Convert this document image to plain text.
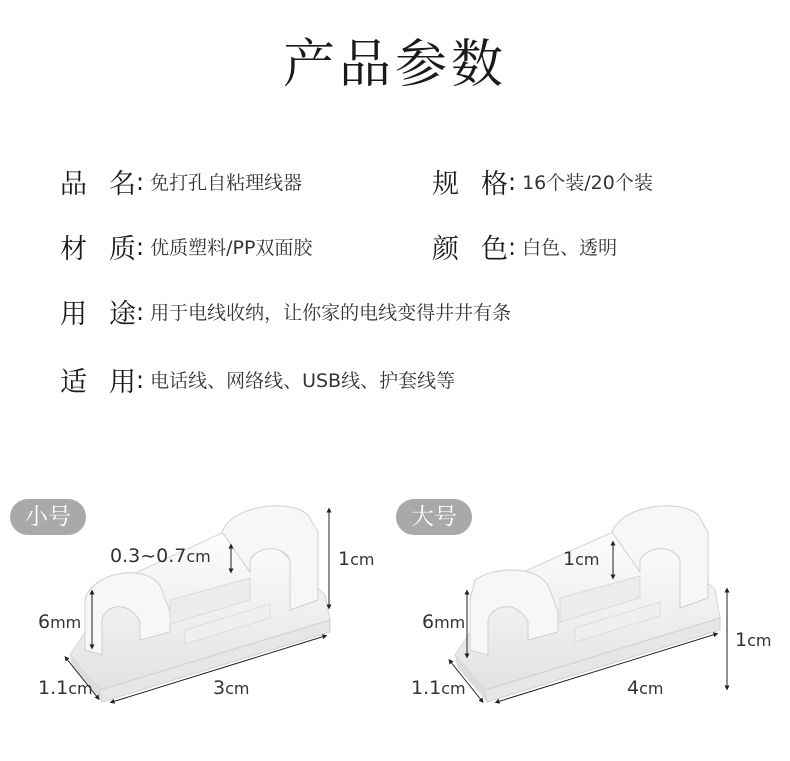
产品参数
品 名: 免打孔自粘理线器	规 格: 16个装/20个装
材 质: 优质塑料/PP双面胶	颜 色: 白色、透明
用 途: 用于电线收纳，让你家的电线变得井井有条
适 用: 电话线、网络线、USB线、护套线等
小号	大号
0.3~0.7cm	1cm
6mm
1.1cm	3cm
1cm
1cm
6mm
1.1cm	4cm
